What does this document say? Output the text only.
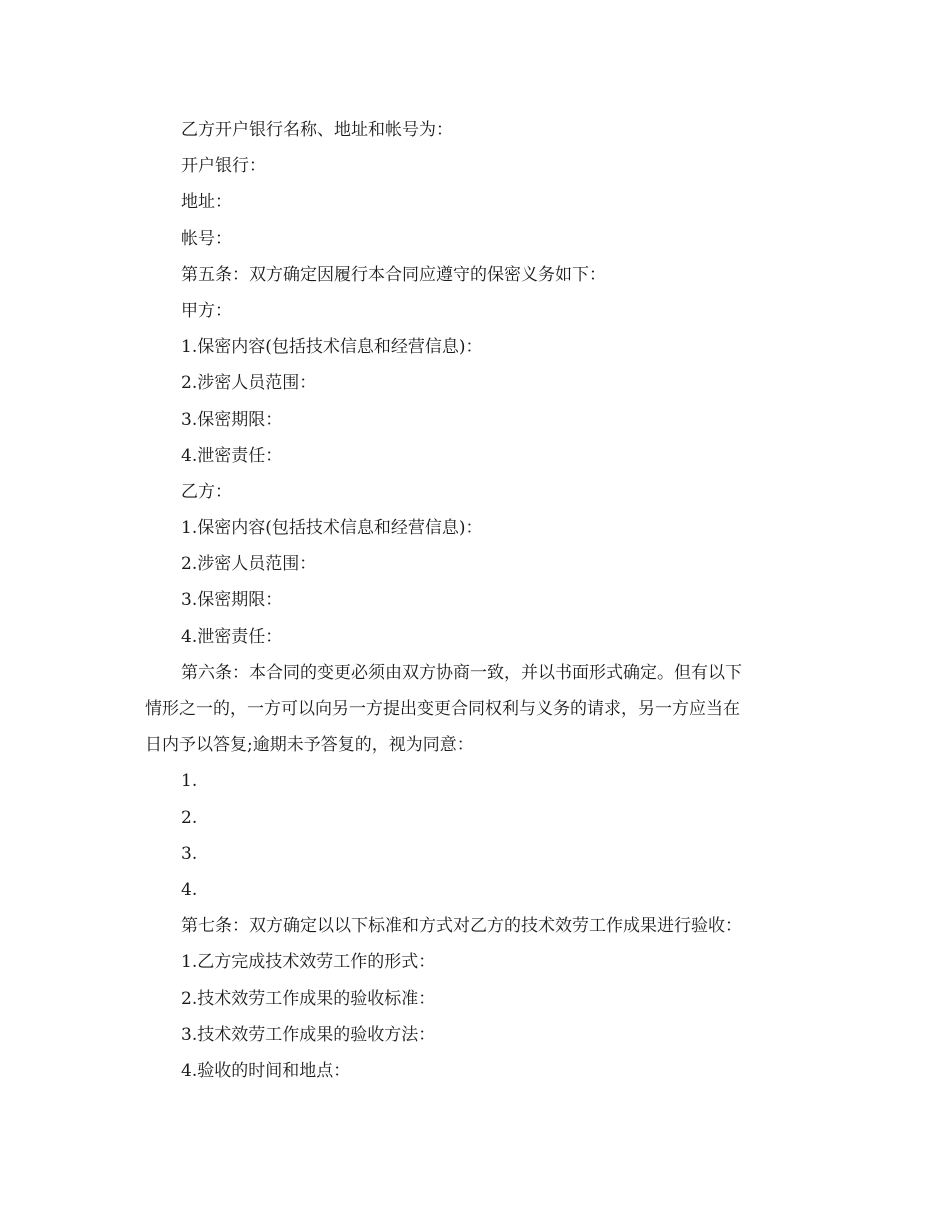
乙方开户银行名称、地址和帐号为：
开户银行：
地址：
帐号：
第五条：双方确定因履行本合同应遵守的保密义务如下：
甲方：
1.保密内容(包括技术信息和经营信息)：
2.涉密人员范围：
3.保密期限：
4.泄密责任：
乙方：
1.保密内容(包括技术信息和经营信息)：
2.涉密人员范围：
3.保密期限：
4.泄密责任：
第六条：本合同的变更必须由双方协商一致，并以书面形式确定。但有以下
情形之一的，一方可以向另一方提出变更合同权利与义务的请求，另一方应当在
日内予以答复;逾期未予答复的，视为同意：
1.
2.
3.
4.
第七条：双方确定以以下标准和方式对乙方的技术效劳工作成果进行验收：
1.乙方完成技术效劳工作的形式：
2.技术效劳工作成果的验收标准：
3.技术效劳工作成果的验收方法：
4.验收的时间和地点：
